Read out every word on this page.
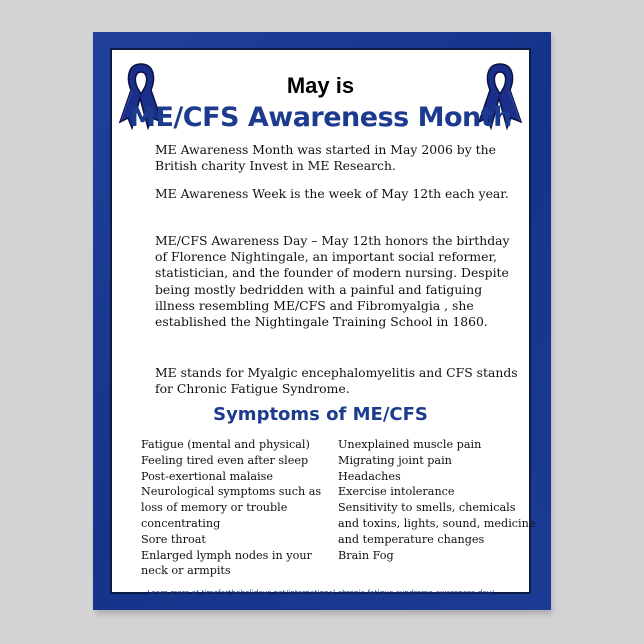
May is
ME/CFS Awareness Month

ME Awareness Month was started in May 2006 by the British charity Invest in ME Research.

ME Awareness Week is the week of May 12th each year.

ME/CFS Awareness Day – May 12th honors the birthday of Florence Nightingale, an important social reformer, statistician, and the founder of modern nursing. Despite being mostly bedridden with a painful and fatiguing illness resembling ME/CFS and Fibromyalgia , she established the Nightingale Training School in 1860.

ME stands for Myalgic encephalomyelitis and CFS stands for Chronic Fatigue Syndrome.

Symptoms of ME/CFS
Fatigue (mental and physical)
Feeling tired even after sleep
Post-exertional malaise
Neurological symptoms such as loss of memory or trouble concentrating
Sore throat
Enlarged lymph nodes in your neck or armpits
Unexplained muscle pain
Migrating joint pain
Headaches
Exercise intolerance
Sensitivity to smells, chemicals and toxins, lights, sound, medicine and temperature changes
Brain Fog
Learn more at timefortheholidays.net/international-chronic-fatigue-syndrome-awareness-day/
